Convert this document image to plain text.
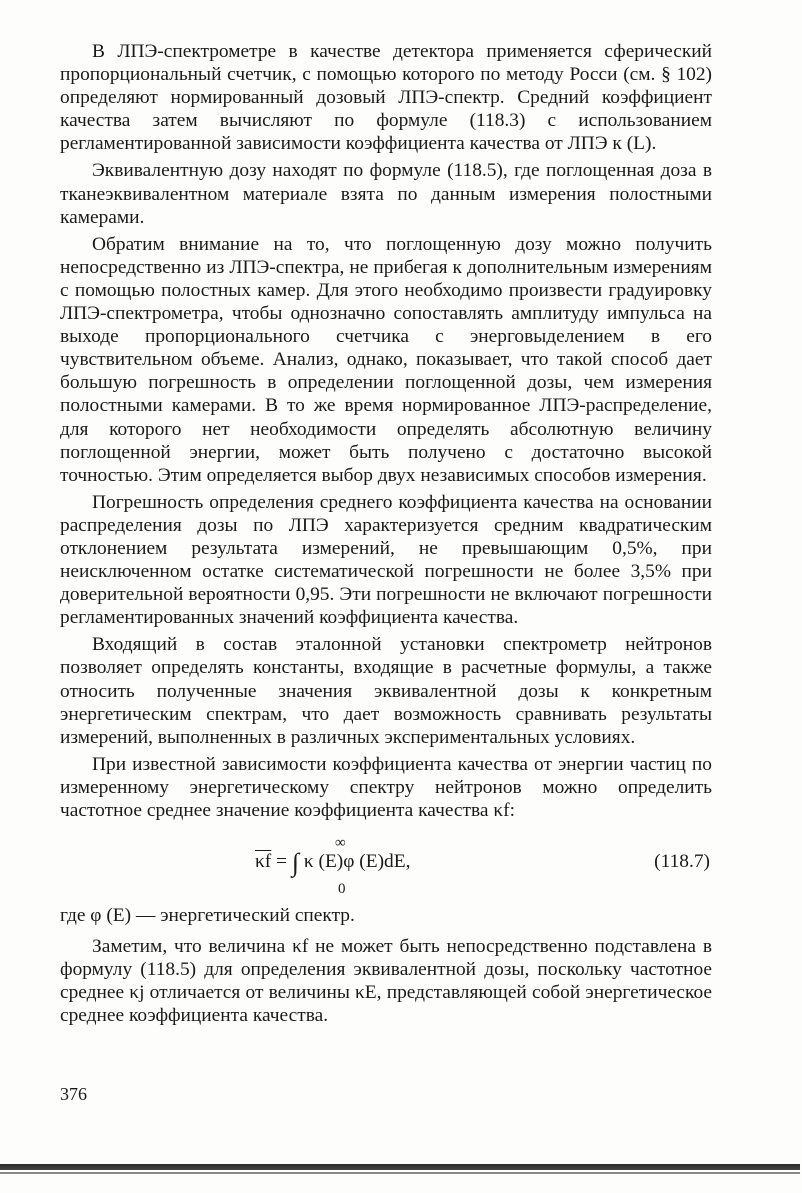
В ЛПЭ-спектрометре в качестве детектора применяется сферический пропорциональный счетчик, с помощью которого по методу Росси (см. § 102) определяют нормированный дозовый ЛПЭ-спектр. Средний коэффициент качества затем вычисляют по формуле (118.3) с использованием регламентированной зависимости коэффициента качества от ЛПЭ к (L).

Эквивалентную дозу находят по формуле (118.5), где поглощенная доза в тканеэквивалентном материале взята по данным измерения полостными камерами.

Обратим внимание на то, что поглощенную дозу можно получить непосредственно из ЛПЭ-спектра, не прибегая к дополнительным измерениям с помощью полостных камер. Для этого необходимо произвести градуировку ЛПЭ-спектрометра, чтобы однозначно сопоставлять амплитуду импульса на выходе пропорционального счетчика с энерговыделением в его чувствительном объеме. Анализ, однако, показывает, что такой способ дает большую погрешность в определении поглощенной дозы, чем измерения полостными камерами. В то же время нормированное ЛПЭ-распределение, для которого нет необходимости определять абсолютную величину поглощенной энергии, может быть получено с достаточно высокой точностью. Этим определяется выбор двух независимых способов измерения.

Погрешность определения среднего коэффициента качества на основании распределения дозы по ЛПЭ характеризуется средним квадратическим отклонением результата измерений, не превышающим 0,5%, при неисключенном остатке систематической погрешности не более 3,5% при доверительной вероятности 0,95. Эти погрешности не включают погрешности регламентированных значений коэффициента качества.

Входящий в состав эталонной установки спектрометр нейтронов позволяет определять константы, входящие в расчетные формулы, а также относить полученные значения эквивалентной дозы к конкретным энергетическим спектрам, что дает возможность сравнивать результаты измерений, выполненных в различных экспериментальных условиях.

При известной зависимости коэффициента качества от энергии частиц по измеренному энергетическому спектру нейтронов можно определить частотное среднее значение коэффициента качества κf:

∞
$\overline{\kappa f}$ = ∫ κ (E)φ (E)dE,
0
(118.7)

где φ (E) — энергетический спектр.

Заметим, что величина κf не может быть непосредственно подставлена в формулу (118.5) для определения эквивалентной дозы, поскольку частотное среднее κj отличается от величины κE, представляющей собой энергетическое среднее коэффициента качества.

376
